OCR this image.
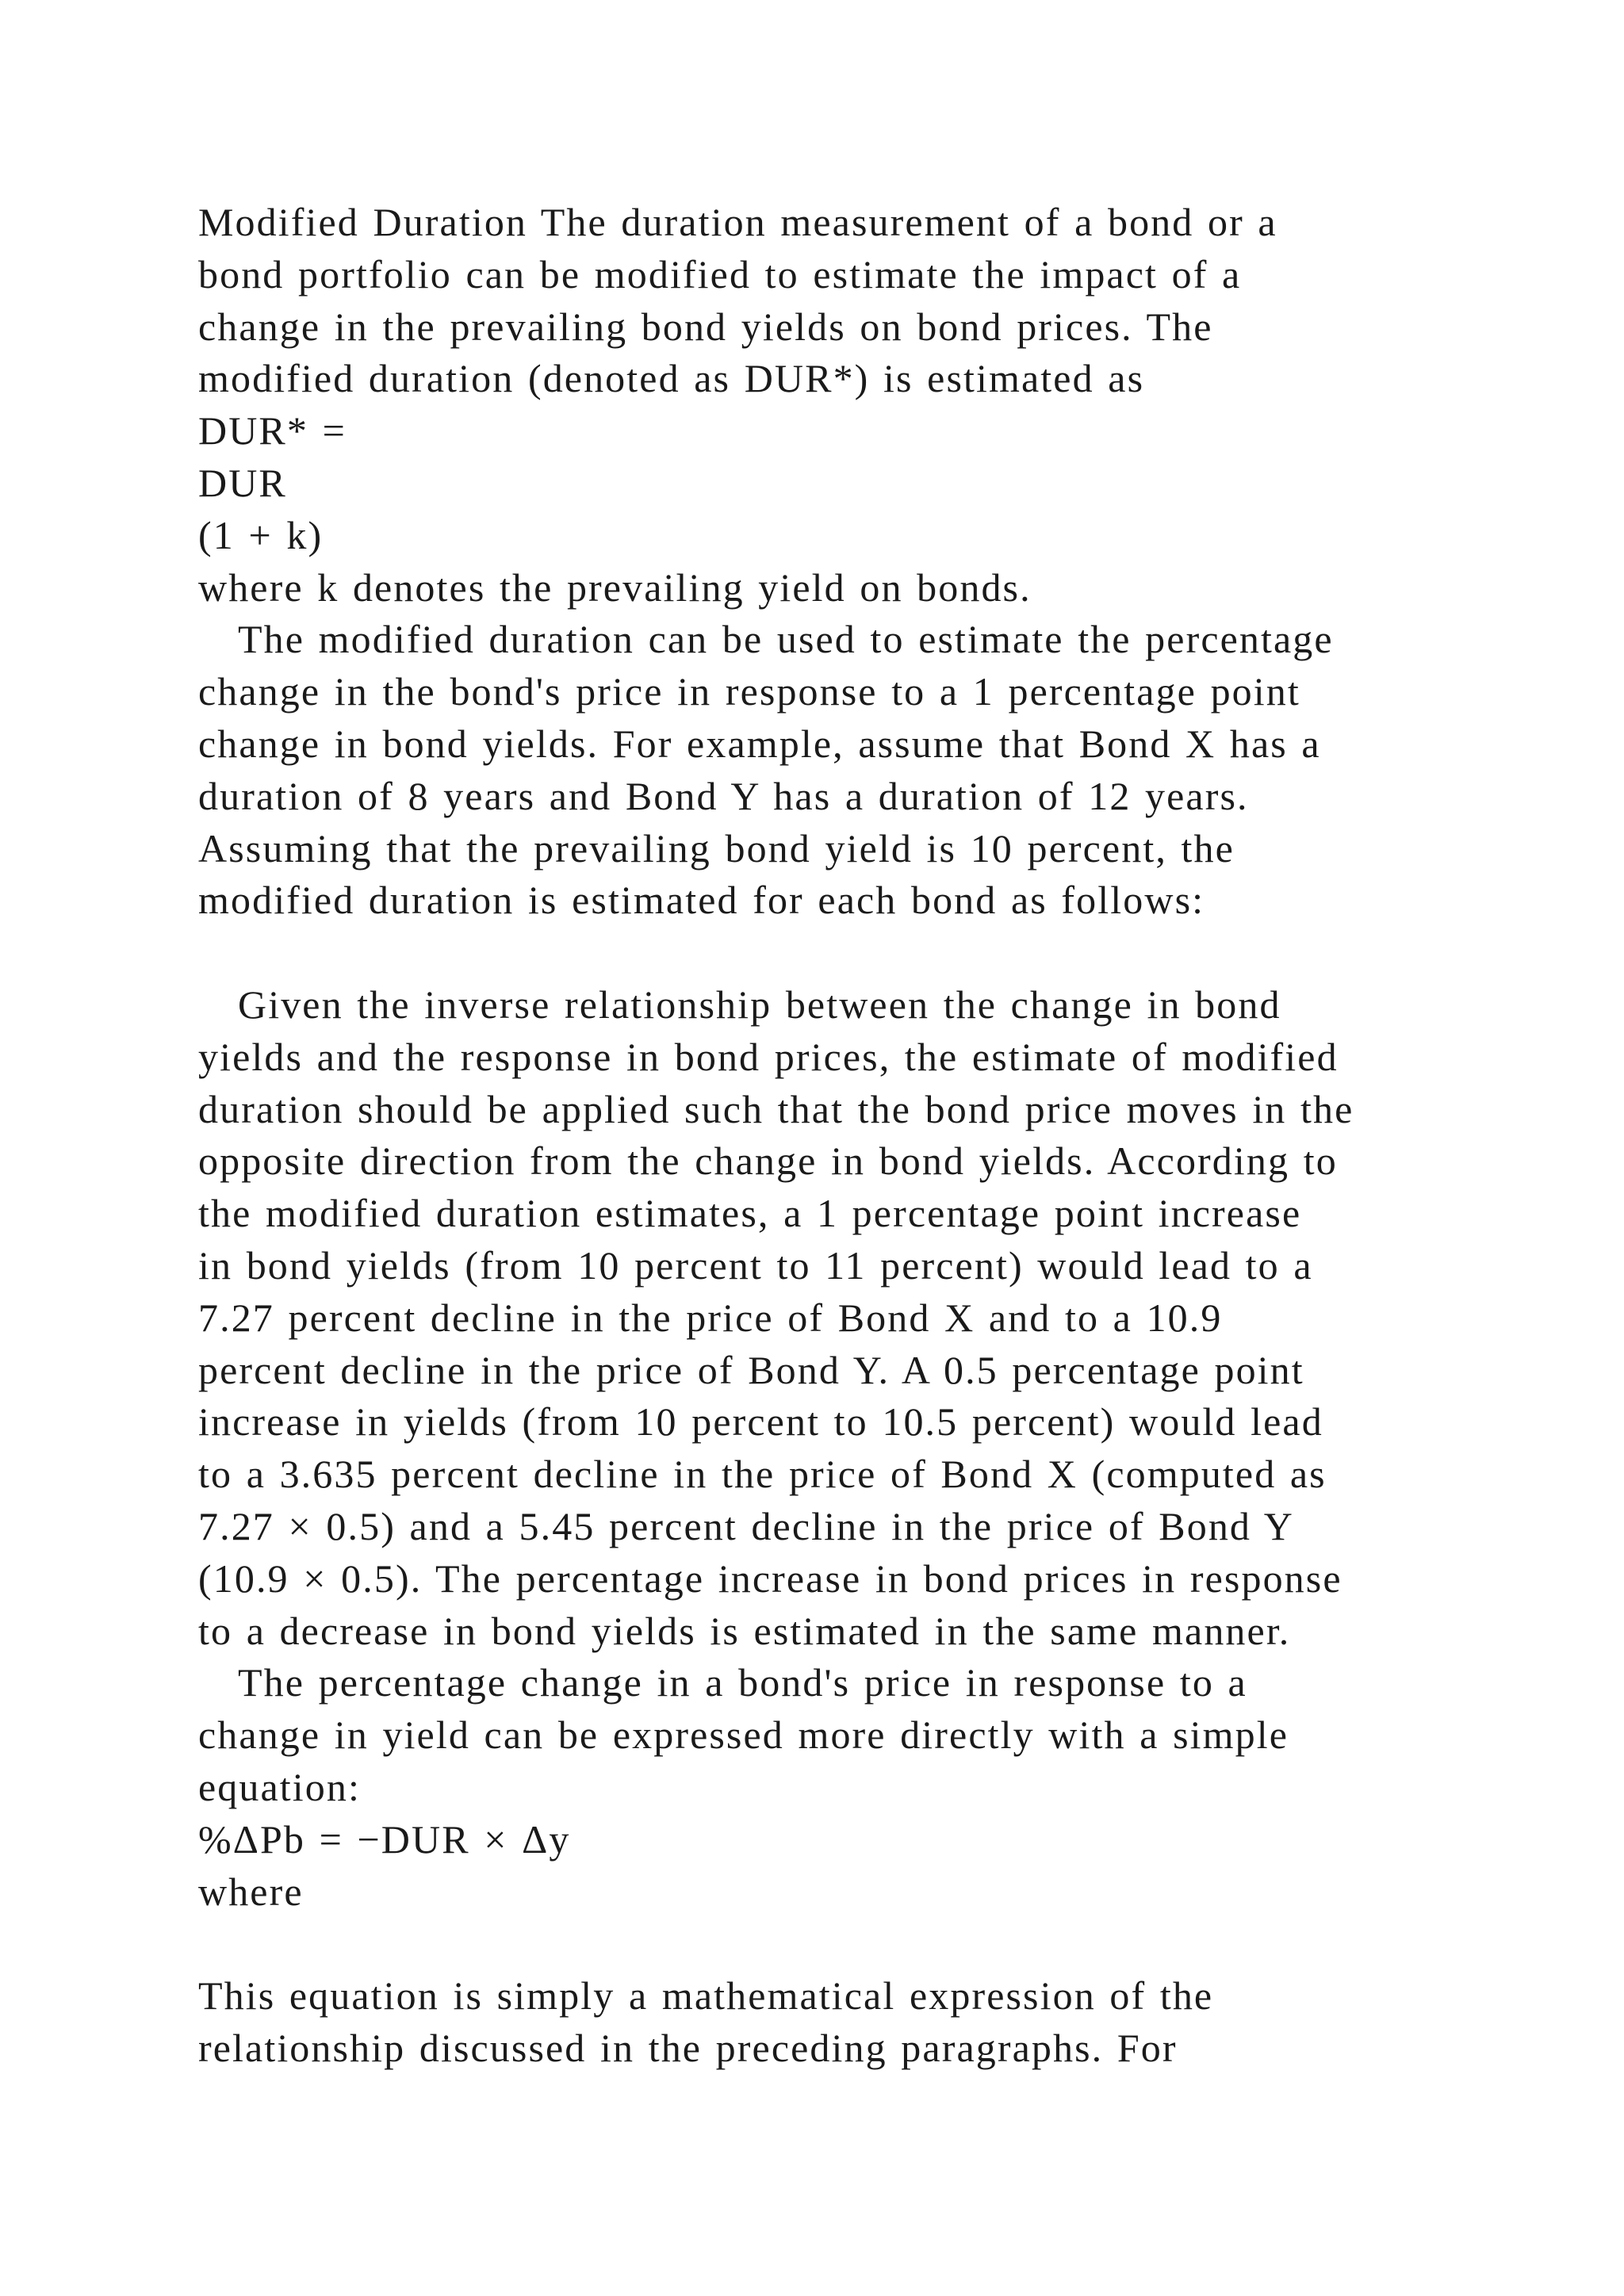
Modified Duration The duration measurement of a bond or a
bond portfolio can be modified to estimate the impact of a
change in the prevailing bond yields on bond prices. The
modified duration (denoted as DUR*) is estimated as
DUR* =
DUR
(1 + k)
where k denotes the prevailing yield on bonds.
The modified duration can be used to estimate the percentage
change in the bond's price in response to a 1 percentage point
change in bond yields. For example, assume that Bond X has a
duration of 8 years and Bond Y has a duration of 12 years.
Assuming that the prevailing bond yield is 10 percent, the
modified duration is estimated for each bond as follows:
Given the inverse relationship between the change in bond
yields and the response in bond prices, the estimate of modified
duration should be applied such that the bond price moves in the
opposite direction from the change in bond yields. According to
the modified duration estimates, a 1 percentage point increase
in bond yields (from 10 percent to 11 percent) would lead to a
7.27 percent decline in the price of Bond X and to a 10.9
percent decline in the price of Bond Y. A 0.5 percentage point
increase in yields (from 10 percent to 10.5 percent) would lead
to a 3.635 percent decline in the price of Bond X (computed as
7.27 × 0.5) and a 5.45 percent decline in the price of Bond Y
(10.9 × 0.5). The percentage increase in bond prices in response
to a decrease in bond yields is estimated in the same manner.
The percentage change in a bond's price in response to a
change in yield can be expressed more directly with a simple
equation:
%ΔPb = −DUR × Δy
where
This equation is simply a mathematical expression of the
relationship discussed in the preceding paragraphs. For
